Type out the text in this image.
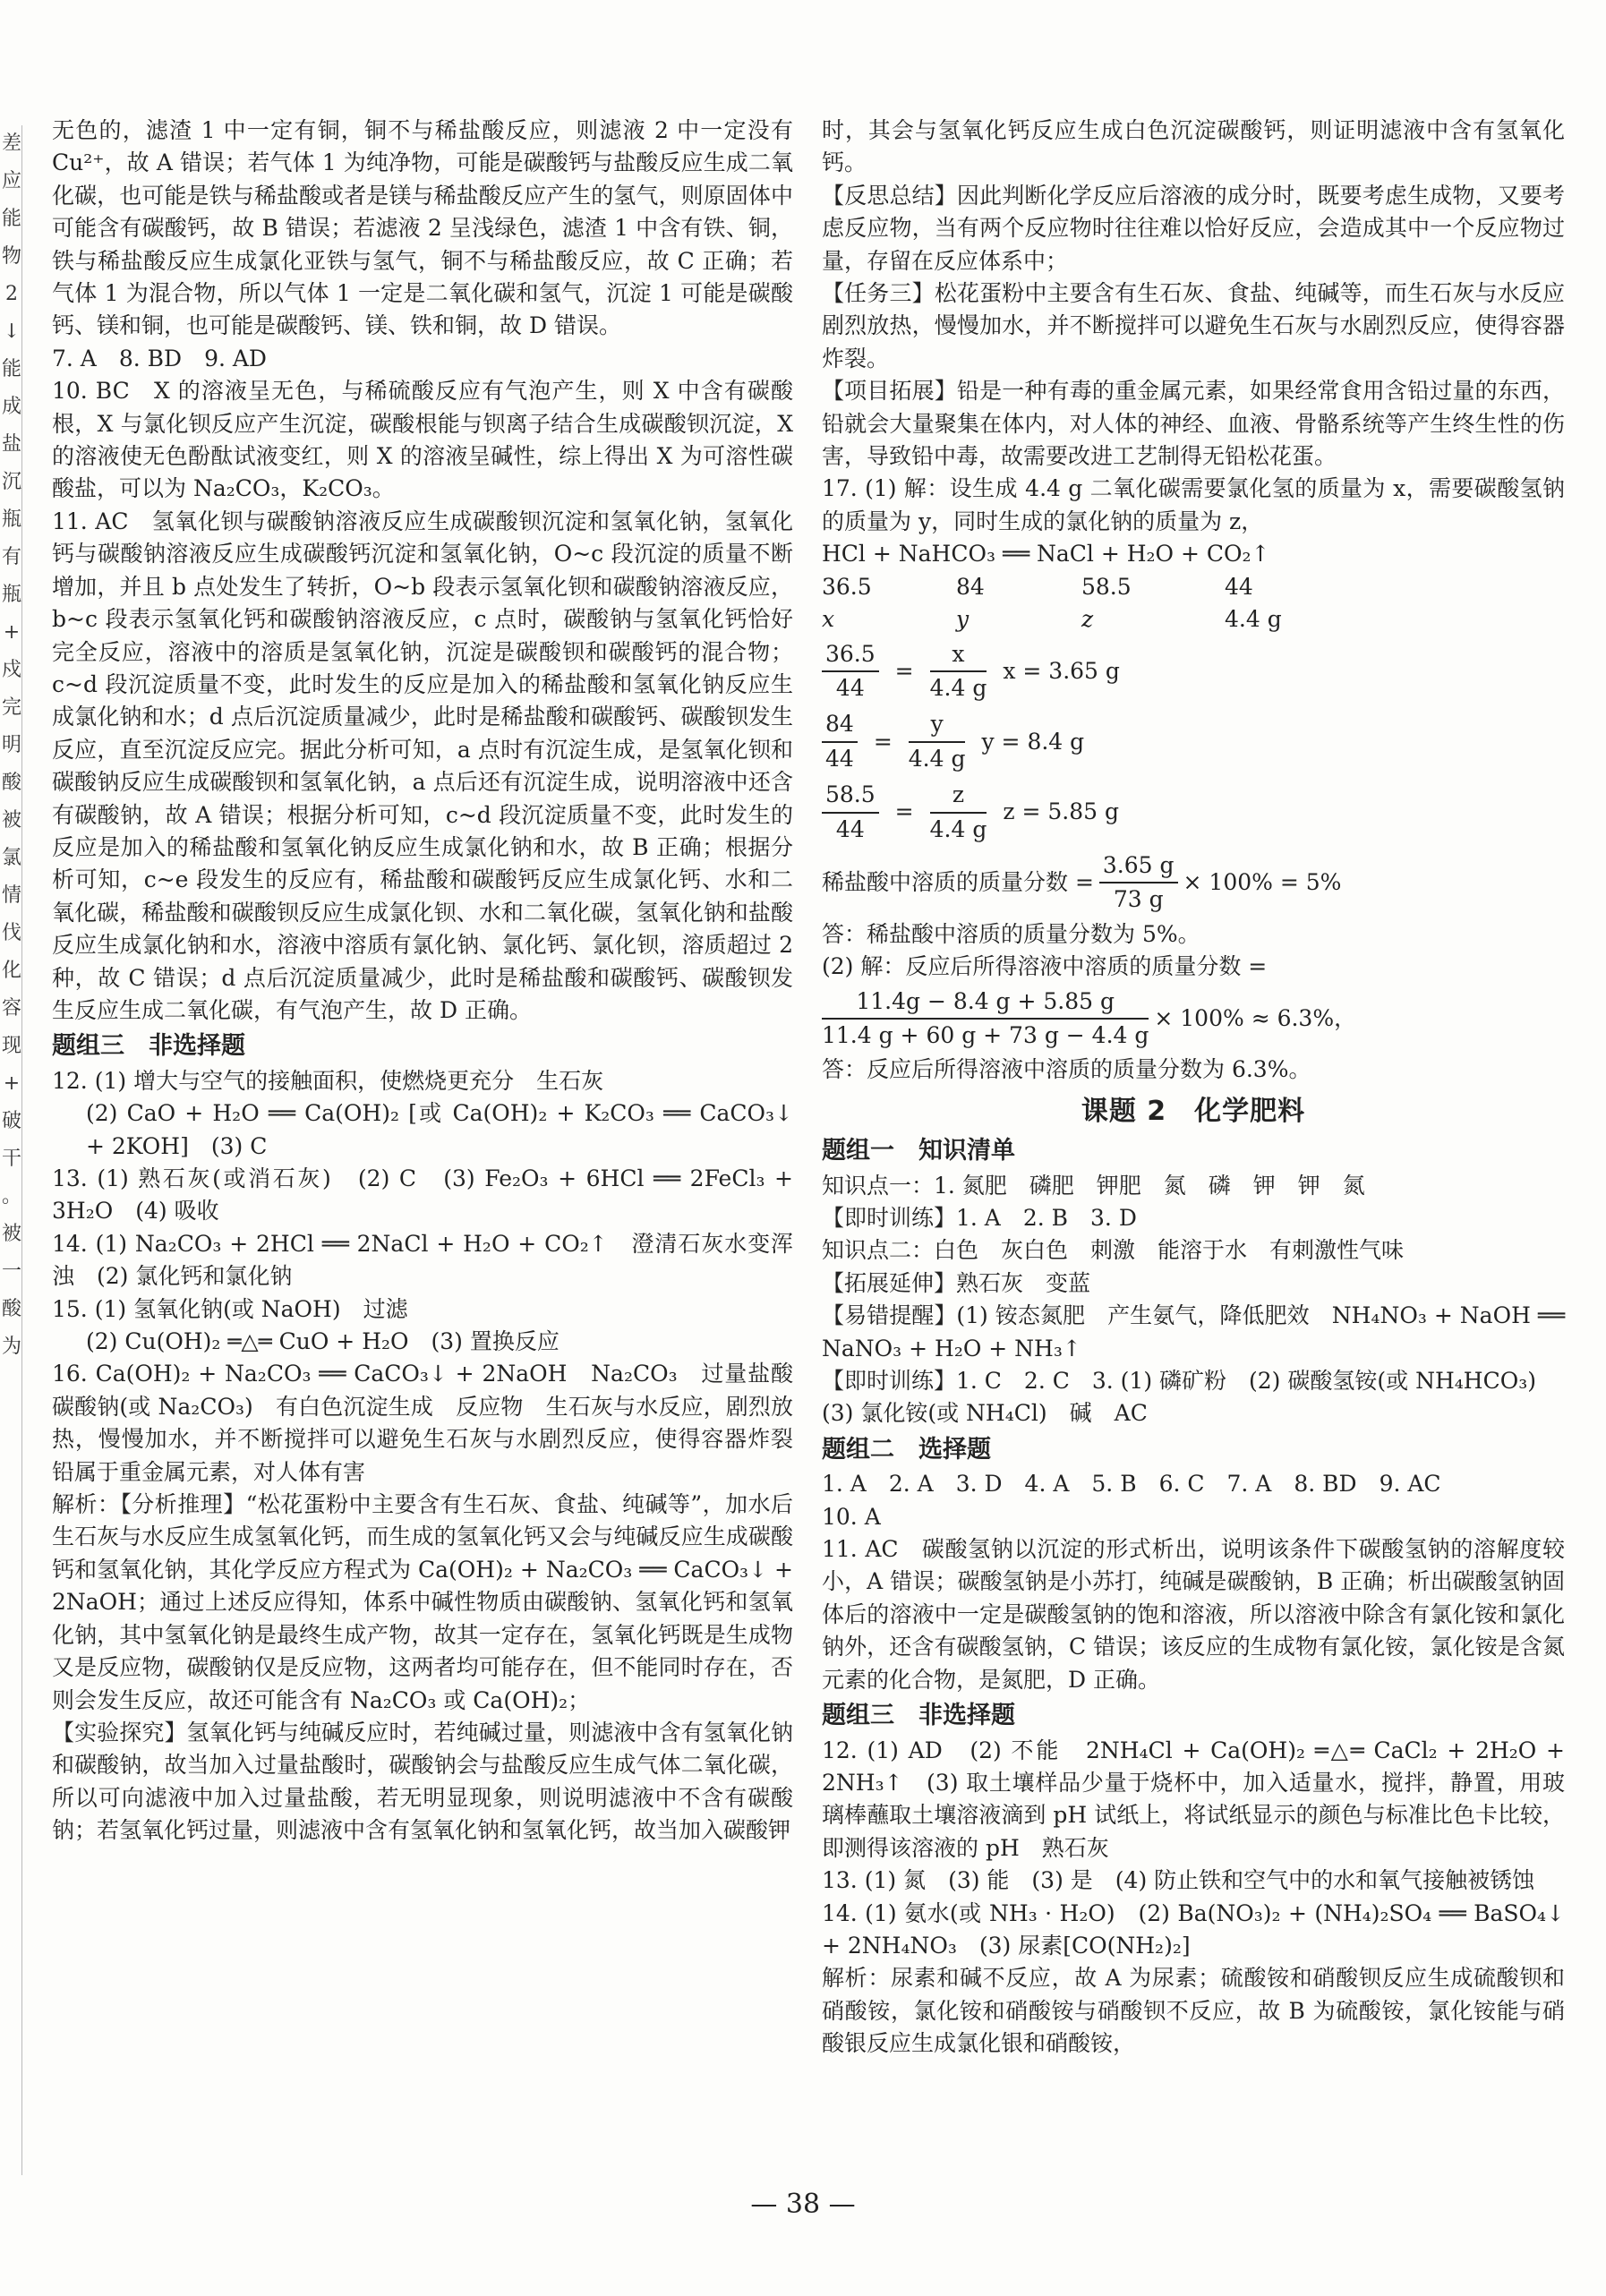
差
应
能
物
2
↓
能
成
盐
沉
瓶
有
瓶
+
戍
完
明
酸
被
氯
情
伐
化
容
现
+
破
干
。
被
一
酸
为

无色的，滤渣 1 中一定有铜，铜不与稀盐酸反应，则滤液 2 中一定没有 Cu²⁺，故 A 错误；若气体 1 为纯净物，可能是碳酸钙与盐酸反应生成二氧化碳，也可能是铁与稀盐酸或者是镁与稀盐酸反应产生的氢气，则原固体中可能含有碳酸钙，故 B 错误；若滤液 2 呈浅绿色，滤渣 1 中含有铁、铜，铁与稀盐酸反应生成氯化亚铁与氢气，铜不与稀盐酸反应，故 C 正确；若气体 1 为混合物，所以气体 1 一定是二氧化碳和氢气，沉淀 1 可能是碳酸钙、镁和铜，也可能是碳酸钙、镁、铁和铜，故 D 错误。

7. A　8. BD　9. AD

10. BC　X 的溶液呈无色，与稀硫酸反应有气泡产生，则 X 中含有碳酸根，X 与氯化钡反应产生沉淀，碳酸根能与钡离子结合生成碳酸钡沉淀，X 的溶液使无色酚酞试液变红，则 X 的溶液呈碱性，综上得出 X 为可溶性碳酸盐，可以为 Na₂CO₃，K₂CO₃。

11. AC　氢氧化钡与碳酸钠溶液反应生成碳酸钡沉淀和氢氧化钠，氢氧化钙与碳酸钠溶液反应生成碳酸钙沉淀和氢氧化钠，O~c 段沉淀的质量不断增加，并且 b 点处发生了转折，O~b 段表示氢氧化钡和碳酸钠溶液反应，b~c 段表示氢氧化钙和碳酸钠溶液反应，c 点时，碳酸钠与氢氧化钙恰好完全反应，溶液中的溶质是氢氧化钠，沉淀是碳酸钡和碳酸钙的混合物；c~d 段沉淀质量不变，此时发生的反应是加入的稀盐酸和氢氧化钠反应生成氯化钠和水；d 点后沉淀质量减少，此时是稀盐酸和碳酸钙、碳酸钡发生反应，直至沉淀反应完。据此分析可知，a 点时有沉淀生成，是氢氧化钡和碳酸钠反应生成碳酸钡和氢氧化钠，a 点后还有沉淀生成，说明溶液中还含有碳酸钠，故 A 错误；根据分析可知，c~d 段沉淀质量不变，此时发生的反应是加入的稀盐酸和氢氧化钠反应生成氯化钠和水，故 B 正确；根据分析可知，c~e 段发生的反应有，稀盐酸和碳酸钙反应生成氯化钙、水和二氧化碳，稀盐酸和碳酸钡反应生成氯化钡、水和二氧化碳，氢氧化钠和盐酸反应生成氯化钠和水，溶液中溶质有氯化钠、氯化钙、氯化钡，溶质超过 2 种，故 C 错误；d 点后沉淀质量减少，此时是稀盐酸和碳酸钙、碳酸钡发生反应生成二氧化碳，有气泡产生，故 D 正确。

题组三　非选择题

12. (1) 增大与空气的接触面积，使燃烧更充分　生石灰

(2) CaO + H₂O ══ Ca(OH)₂ [或 Ca(OH)₂ + K₂CO₃ ══ CaCO₃↓ + 2KOH]　(3) C

13. (1) 熟石灰(或消石灰)　(2) C　(3) Fe₂O₃ + 6HCl ══ 2FeCl₃ + 3H₂O　(4) 吸收

14. (1) Na₂CO₃ + 2HCl ══ 2NaCl + H₂O + CO₂↑　澄清石灰水变浑浊　(2) 氯化钙和氯化钠

15. (1) 氢氧化钠(或 NaOH)　过滤

(2) Cu(OH)₂ ═△═ CuO + H₂O　(3) 置换反应

16. Ca(OH)₂ + Na₂CO₃ ══ CaCO₃↓ + 2NaOH　Na₂CO₃　过量盐酸　碳酸钠(或 Na₂CO₃)　有白色沉淀生成　反应物　生石灰与水反应，剧烈放热，慢慢加水，并不断搅拌可以避免生石灰与水剧烈反应，使得容器炸裂　铅属于重金属元素，对人体有害

解析：【分析推理】“松花蛋粉中主要含有生石灰、食盐、纯碱等”，加水后生石灰与水反应生成氢氧化钙，而生成的氢氧化钙又会与纯碱反应生成碳酸钙和氢氧化钠，其化学反应方程式为 Ca(OH)₂ + Na₂CO₃ ══ CaCO₃↓ + 2NaOH；通过上述反应得知，体系中碱性物质由碳酸钠、氢氧化钙和氢氧化钠，其中氢氧化钠是最终生成产物，故其一定存在，氢氧化钙既是生成物又是反应物，碳酸钠仅是反应物，这两者均可能存在，但不能同时存在，否则会发生反应，故还可能含有 Na₂CO₃ 或 Ca(OH)₂；

【实验探究】氢氧化钙与纯碱反应时，若纯碱过量，则滤液中含有氢氧化钠和碳酸钠，故当加入过量盐酸时，碳酸钠会与盐酸反应生成气体二氧化碳，所以可向滤液中加入过量盐酸，若无明显现象，则说明滤液中不含有碳酸钠；若氢氧化钙过量，则滤液中含有氢氧化钠和氢氧化钙，故当加入碳酸钾

时，其会与氢氧化钙反应生成白色沉淀碳酸钙，则证明滤液中含有氢氧化钙。

【反思总结】因此判断化学反应后溶液的成分时，既要考虑生成物，又要考虑反应物，当有两个反应物时往往难以恰好反应，会造成其中一个反应物过量，存留在反应体系中；

【任务三】松花蛋粉中主要含有生石灰、食盐、纯碱等，而生石灰与水反应剧烈放热，慢慢加水，并不断搅拌可以避免生石灰与水剧烈反应，使得容器炸裂。

【项目拓展】铅是一种有毒的重金属元素，如果经常食用含铅过量的东西，铅就会大量聚集在体内，对人体的神经、血液、骨骼系统等产生终生性的伤害，导致铅中毒，故需要改进工艺制得无铅松花蛋。

17. (1) 解：设生成 4.4 g 二氧化碳需要氯化氢的质量为 x，需要碳酸氢钠的质量为 y，同时生成的氯化钠的质量为 z，

HCl + NaHCO₃ ══ NaCl + H₂O + CO₂↑

36.5	84	58.5	44
x	y	z	4.4 g
$\frac{36.5}{44} = \frac{x}{4.4 g}$ x = 3.65 g

$\frac{84}{44} = \frac{y}{4.4 g}$ y = 8.4 g

$\frac{58.5}{44} = \frac{z}{4.4 g}$ z = 5.85 g

稀盐酸中溶质的质量分数 = $\frac{3.65 g}{73 g} \times 100\% = 5\%$

答：稀盐酸中溶质的质量分数为 5%。

(2) 解：反应后所得溶液中溶质的质量分数 =

$\frac{11.4g - 8.4 g + 5.85 g}{11.4 g + 60 g + 73 g - 4.4 g} \times 100\% \approx 6.3\%$，

答：反应后所得溶液中溶质的质量分数为 6.3%。

课题 2　化学肥料
题组一　知识清单

知识点一：1. 氮肥　磷肥　钾肥　氮　磷　钾　钾　氮

【即时训练】1. A　2. B　3. D

知识点二：白色　灰白色　刺激　能溶于水　有刺激性气味

【拓展延伸】熟石灰　变蓝

【易错提醒】(1) 铵态氮肥　产生氨气，降低肥效　NH₄NO₃ + NaOH ══ NaNO₃ + H₂O + NH₃↑

【即时训练】1. C　2. C　3. (1) 磷矿粉　(2) 碳酸氢铵(或 NH₄HCO₃)

(3) 氯化铵(或 NH₄Cl)　碱　AC

题组二　选择题

1. A　2. A　3. D　4. A　5. B　6. C　7. A　8. BD　9. AC

10. A

11. AC　碳酸氢钠以沉淀的形式析出，说明该条件下碳酸氢钠的溶解度较小，A 错误；碳酸氢钠是小苏打，纯碱是碳酸钠，B 正确；析出碳酸氢钠固体后的溶液中一定是碳酸氢钠的饱和溶液，所以溶液中除含有氯化铵和氯化钠外，还含有碳酸氢钠，C 错误；该反应的生成物有氯化铵，氯化铵是含氮元素的化合物，是氮肥，D 正确。

题组三　非选择题

12. (1) AD　(2) 不能　2NH₄Cl + Ca(OH)₂ ═△═ CaCl₂ + 2H₂O + 2NH₃↑　(3) 取土壤样品少量于烧杯中，加入适量水，搅拌，静置，用玻璃棒蘸取土壤溶液滴到 pH 试纸上，将试纸显示的颜色与标准比色卡比较，即测得该溶液的 pH　熟石灰

13. (1) 氮　(3) 能　(3) 是　(4) 防止铁和空气中的水和氧气接触被锈蚀

14. (1) 氨水(或 NH₃ · H₂O)　(2) Ba(NO₃)₂ + (NH₄)₂SO₄ ══ BaSO₄↓ + 2NH₄NO₃　(3) 尿素[CO(NH₂)₂]

解析：尿素和碱不反应，故 A 为尿素；硫酸铵和硝酸钡反应生成硫酸钡和硝酸铵，氯化铵和硝酸铵与硝酸钡不反应，故 B 为硫酸铵，氯化铵能与硝酸银反应生成氯化银和硝酸铵，

— 38 —
